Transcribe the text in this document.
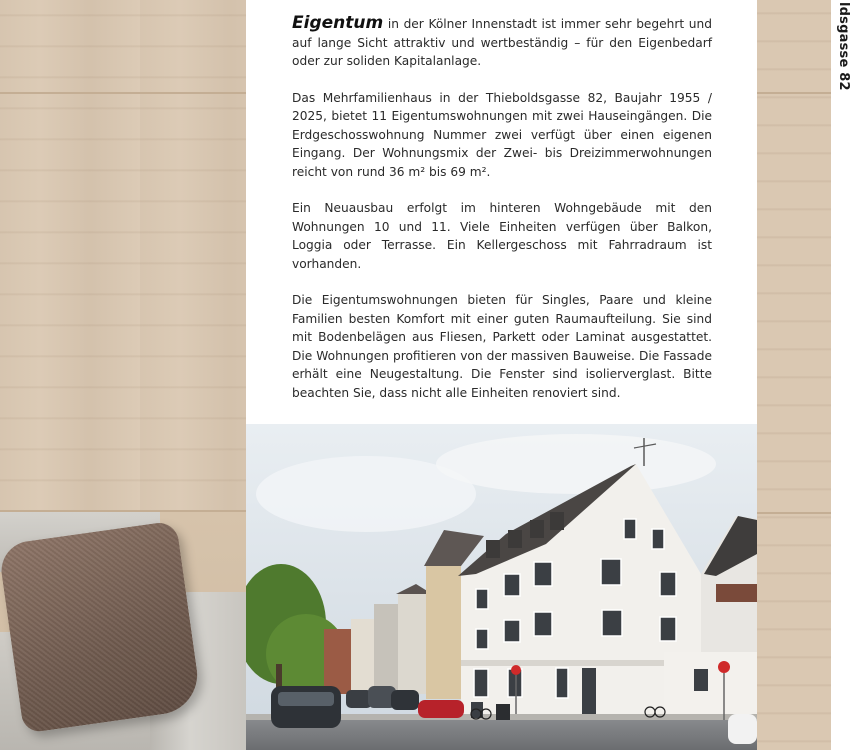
ldsgasse 82

Eigentum in der Kölner Innenstadt ist immer sehr begehrt und auf lange Sicht attraktiv und wertbeständig – für den Eigenbedarf oder zur soliden Kapitalanlage.

Das Mehrfamilienhaus in der Thieboldsgasse 82, Baujahr 1955 / 2025, bietet 11 Eigentumswohnungen mit zwei Hauseingängen. Die Erdgeschosswohnung Nummer zwei verfügt über einen eigenen Eingang. Der Wohnungsmix der Zwei- bis Dreizimmerwohnungen reicht von rund 36 m² bis 69 m².

Ein Neuausbau erfolgt im hinteren Wohngebäude mit den Wohnungen 10 und 11. Viele Einheiten verfügen über Balkon, Loggia oder Terrasse. Ein Kellergeschoss mit Fahrradraum ist vorhanden.

Die Eigentumswohnungen bieten für Singles, Paare und kleine Familien besten Komfort mit einer guten Raumaufteilung. Sie sind mit Bodenbelägen aus Fliesen, Parkett oder Laminat ausgestattet. Die Wohnungen profitieren von der massiven Bauweise. Die Fassade erhält eine Neugestaltung. Die Fenster sind isolierverglast. Bitte beachten Sie, dass nicht alle Einheiten renoviert sind.
